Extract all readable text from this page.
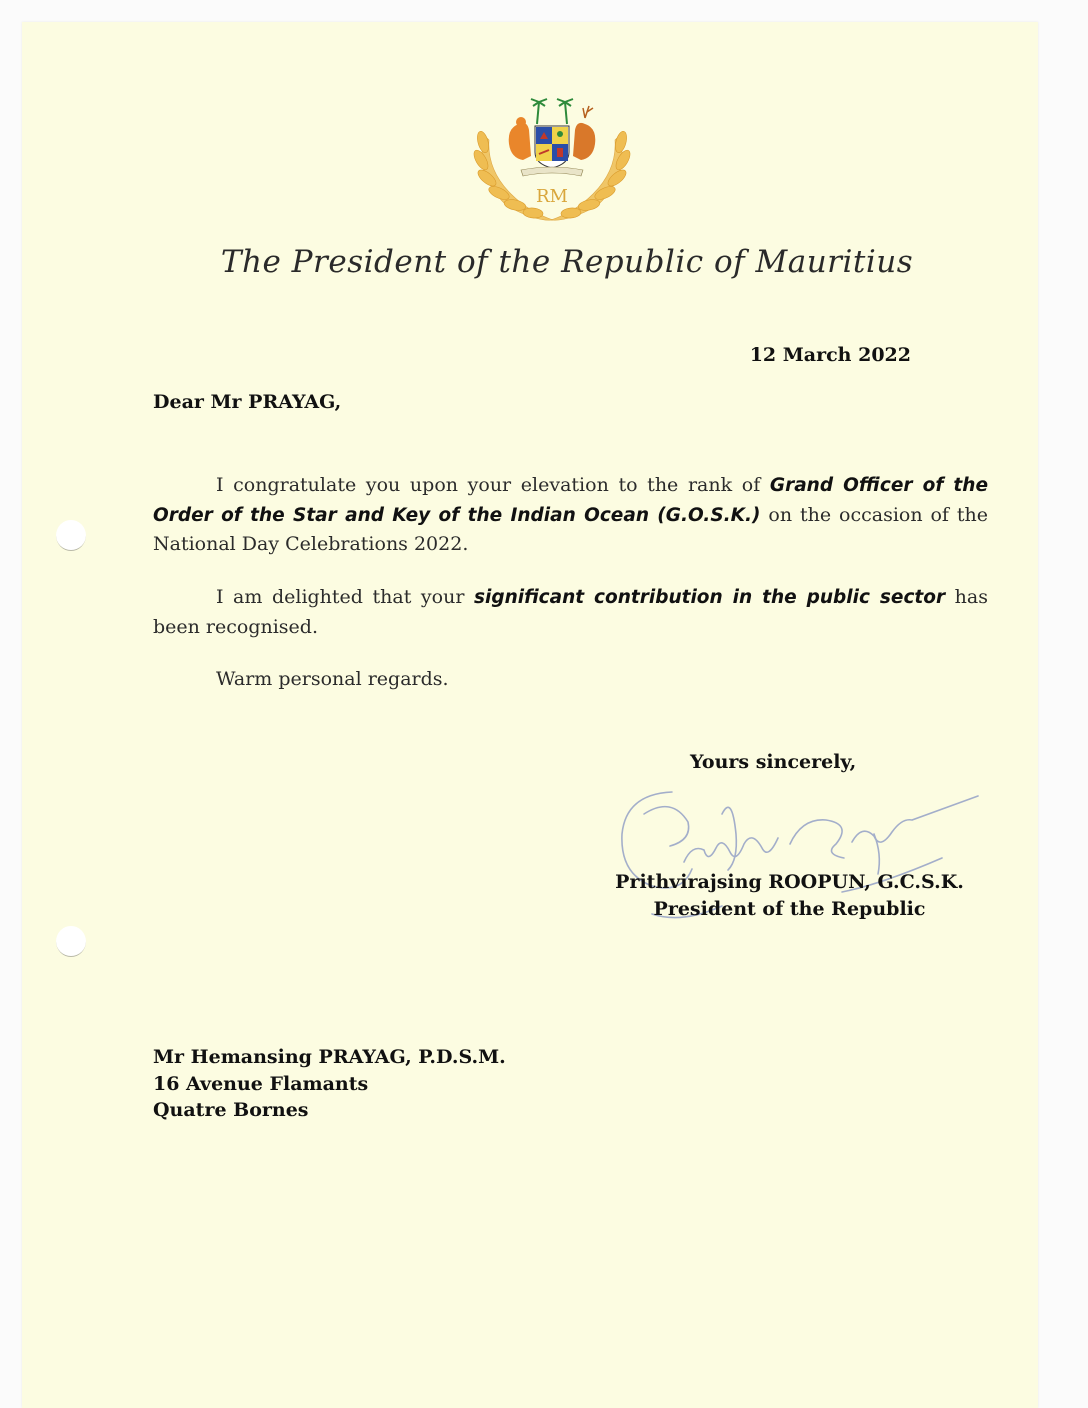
RM
The President of the Republic of Mauritius
12 March 2022
Dear Mr PRAYAG,

I congratulate you upon your elevation to the rank of Grand Officer of the Order of the Star and Key of the Indian Ocean (G.O.S.K.) on the occasion of the National Day Celebrations 2022.

I am delighted that your significant contribution in the public sector has been recognised.

Warm personal regards.

Yours sincerely,
Prithvirajsing ROOPUN, G.C.S.K.
President of the Republic
Mr Hemansing PRAYAG, P.D.S.M.
16 Avenue Flamants
Quatre Bornes
